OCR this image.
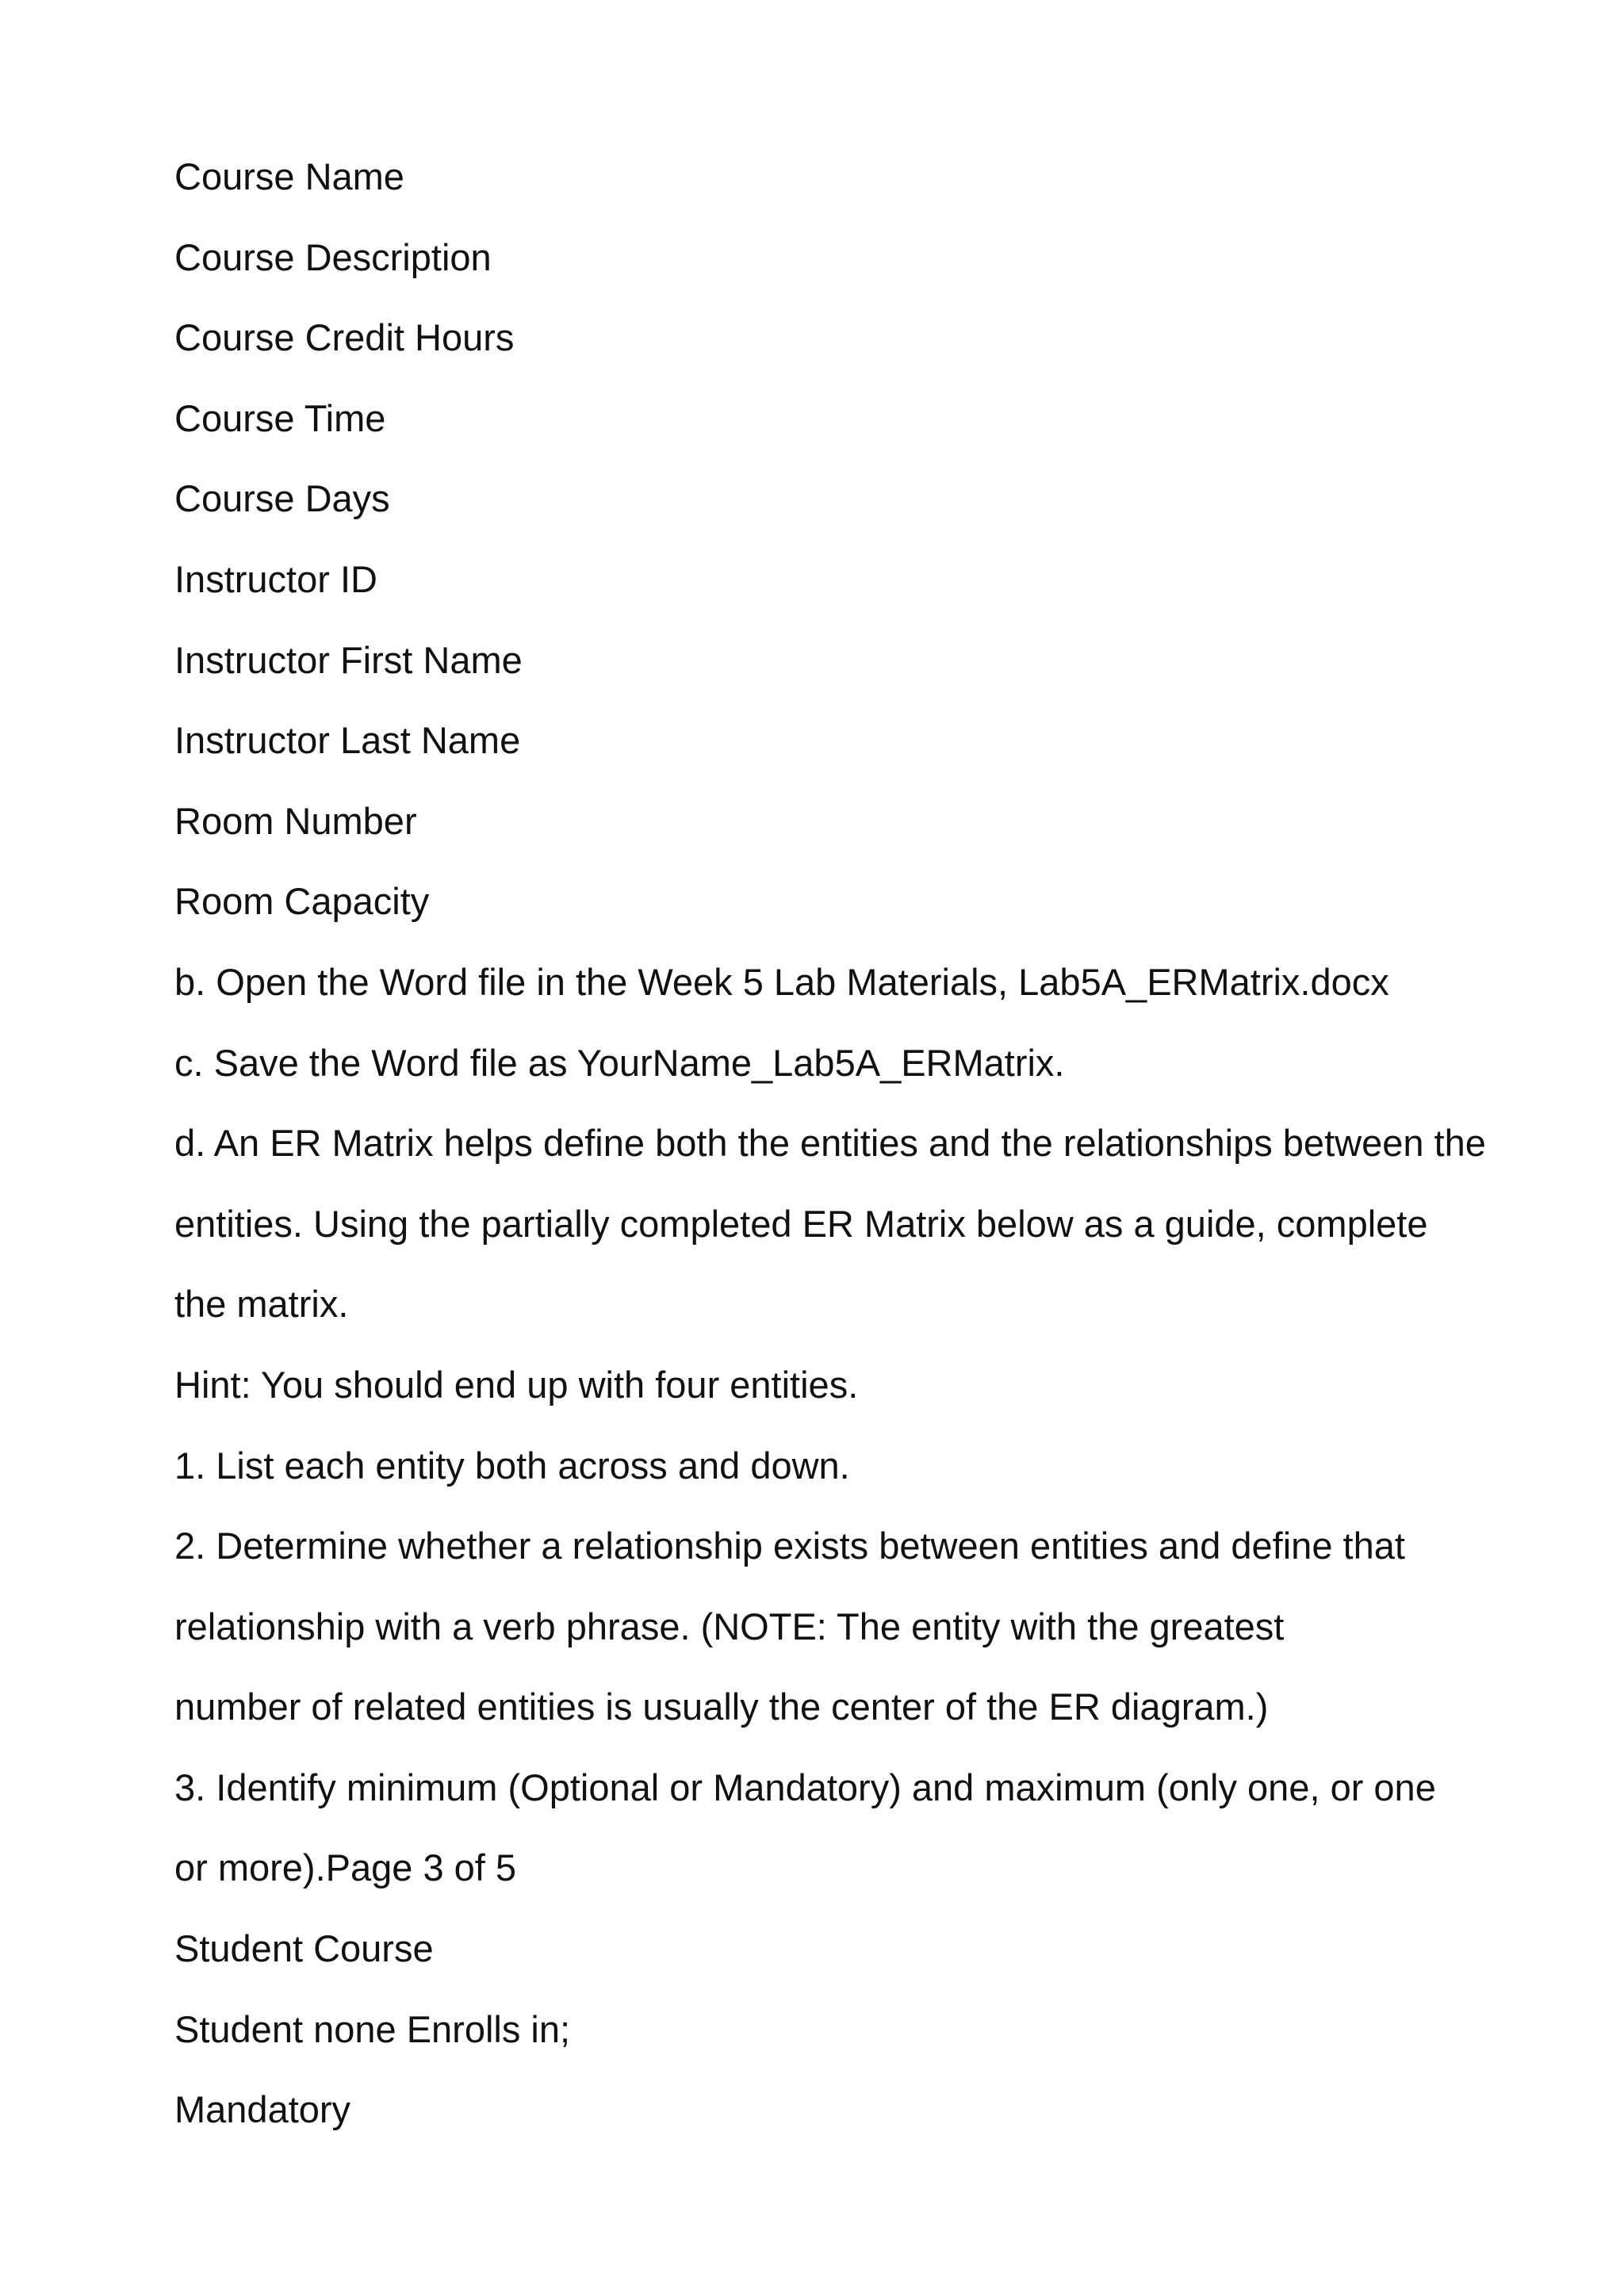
Course Name

Course Description

Course Credit Hours

Course Time

Course Days

Instructor ID

Instructor First Name

Instructor Last Name

Room Number

Room Capacity

b. Open the Word file in the Week 5 Lab Materials, Lab5A_ERMatrix.docx

c. Save the Word file as YourName_Lab5A_ERMatrix.

d. An ER Matrix helps define both the entities and the relationships between the

entities. Using the partially completed ER Matrix below as a guide, complete

the matrix.

Hint: You should end up with four entities.

1. List each entity both across and down.

2. Determine whether a relationship exists between entities and define that

relationship with a verb phrase. (NOTE: The entity with the greatest

number of related entities is usually the center of the ER diagram.)

3. Identify minimum (Optional or Mandatory) and maximum (only one, or one

or more).Page 3 of 5

Student Course

Student none Enrolls in;

Mandatory
